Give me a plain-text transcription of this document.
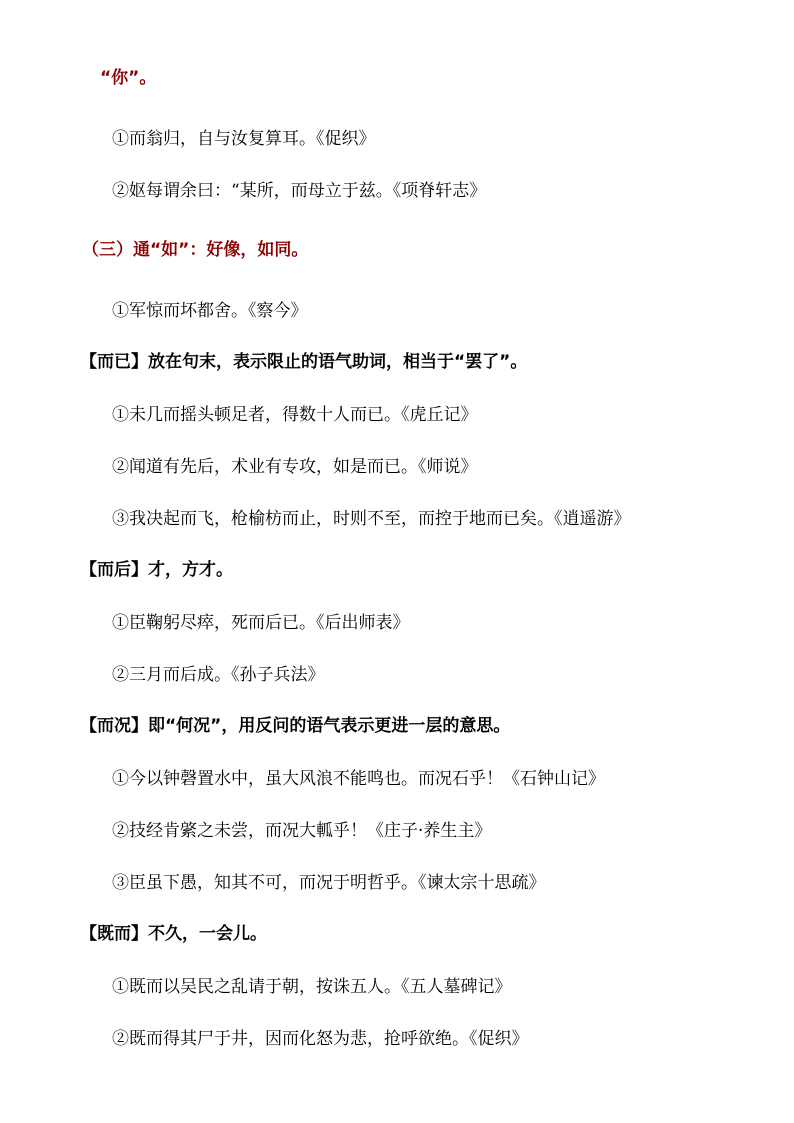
“你”。
①而翁归，自与汝复算耳。《促织》
②妪每谓余曰：“某所，而母立于兹。《项脊轩志》
（三）通“如”：好像，如同。
①军惊而坏都舍。《察今》
【而已】放在句末，表示限止的语气助词，相当于“罢了”。
①未几而摇头顿足者，得数十人而已。《虎丘记》
②闻道有先后，术业有专攻，如是而已。《师说》
③我决起而飞，枪榆枋而止，时则不至，而控于地而已矣。《逍遥游》
【而后】才，方才。
①臣鞠躬尽瘁，死而后已。《后出师表》
②三月而后成。《孙子兵法》
【而况】即“何况”，用反问的语气表示更进一层的意思。
①今以钟磬置水中，虽大风浪不能鸣也。而况石乎！《石钟山记》
②技经肯綮之未尝，而况大軱乎！《庄子·养生主》
③臣虽下愚，知其不可，而况于明哲乎。《谏太宗十思疏》
【既而】不久，一会儿。
①既而以吴民之乱请于朝，按诛五人。《五人墓碑记》
②既而得其尸于井，因而化怒为悲，抢呼欲绝。《促织》
